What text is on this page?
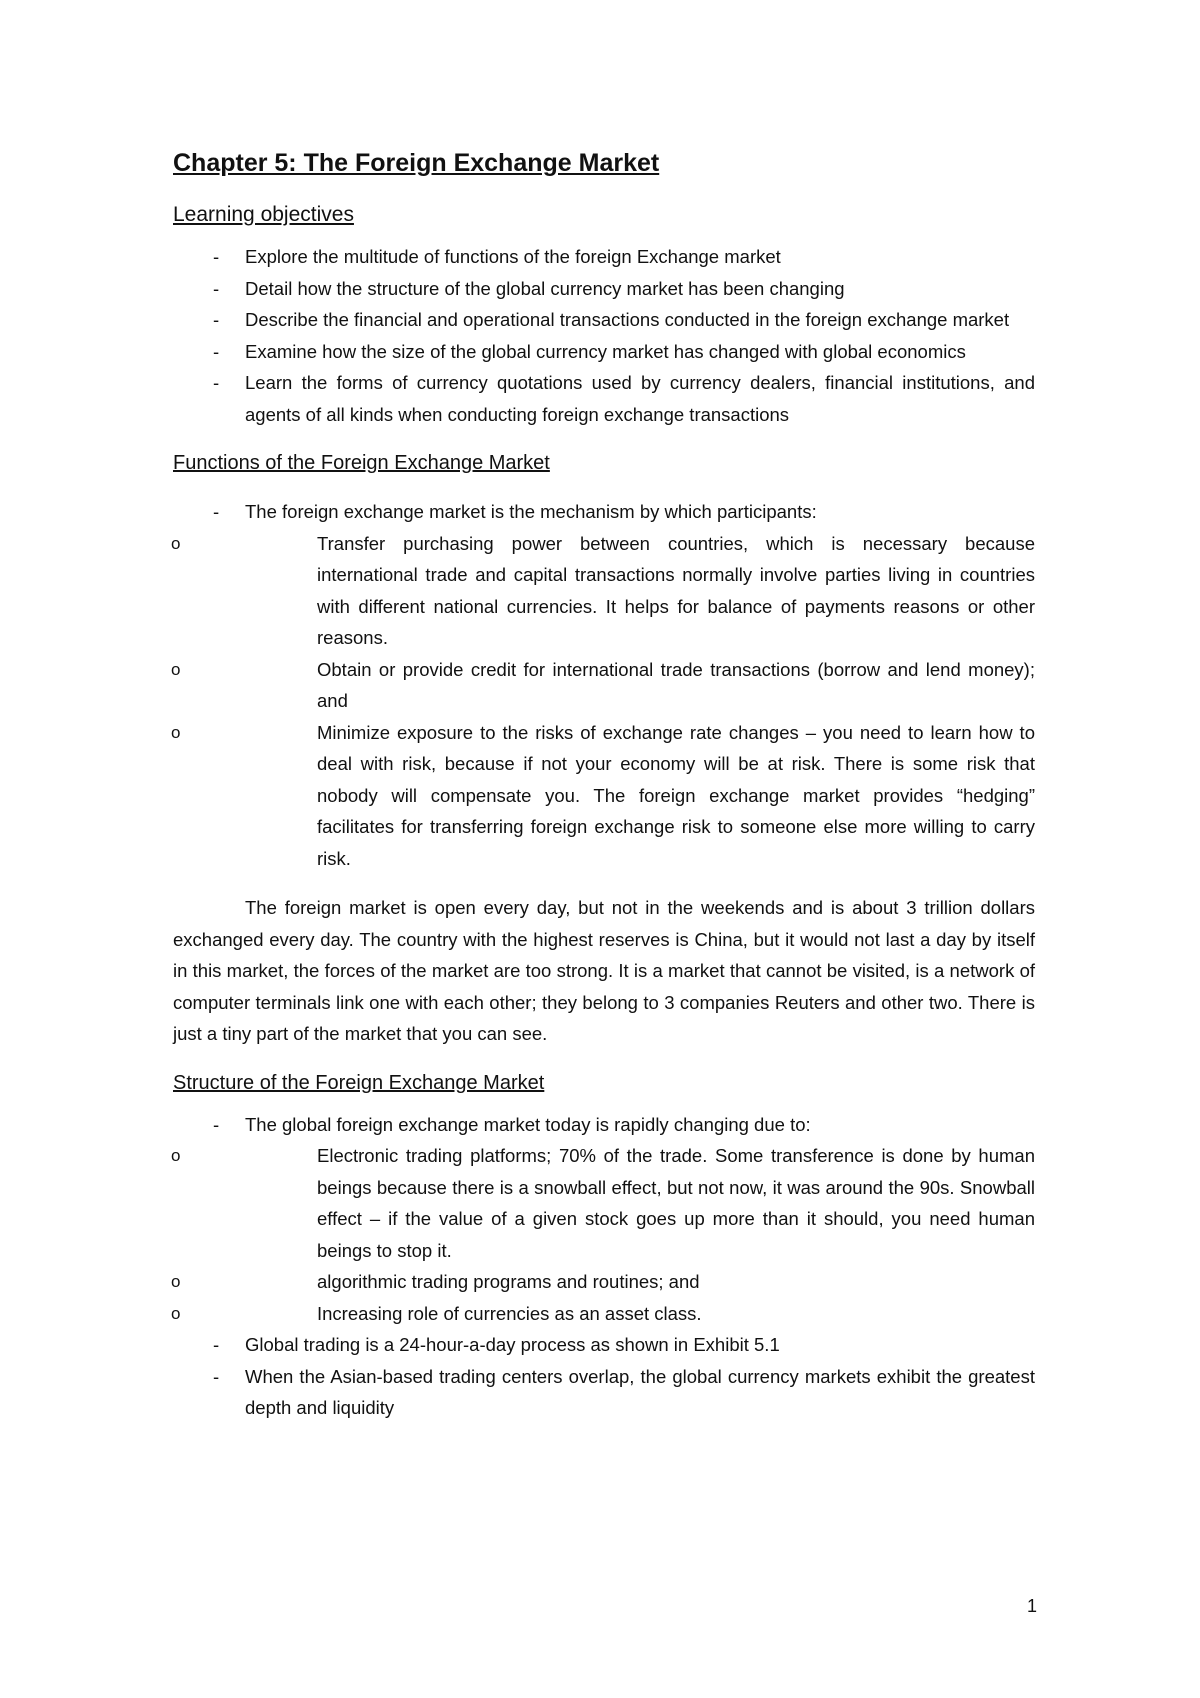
Chapter 5: The Foreign Exchange Market
Learning objectives
- Explore the multitude of functions of the foreign Exchange market
- Detail how the structure of the global currency market has been changing
- Describe the financial and operational transactions conducted in the foreign exchange market
- Examine how the size of the global currency market has changed with global economics
- Learn the forms of currency quotations used by currency dealers, financial institutions, and agents of all kinds when conducting foreign exchange transactions
Functions of the Foreign Exchange Market
- The foreign exchange market is the mechanism by which participants:
o	Transfer purchasing power between countries, which is necessary because international trade and capital transactions normally involve parties living in countries with different national currencies. It helps for balance of payments reasons or other reasons.
o	Obtain or provide credit for international trade transactions (borrow and lend money); and
o	Minimize exposure to the risks of exchange rate changes – you need to learn how to deal with risk, because if not your economy will be at risk. There is some risk that nobody will compensate you. The foreign exchange market provides “hedging” facilitates for transferring foreign exchange risk to someone else more willing to carry risk.

The foreign market is open every day, but not in the weekends and is about 3 trillion dollars exchanged every day. The country with the highest reserves is China, but it would not last a day by itself in this market, the forces of the market are too strong. It is a market that cannot be visited, is a network of computer terminals link one with each other; they belong to 3 companies Reuters and other two. There is just a tiny part of the market that you can see.

Structure of the Foreign Exchange Market
- The global foreign exchange market today is rapidly changing due to:
o	Electronic trading platforms; 70% of the trade. Some transference is done by human beings because there is a snowball effect, but not now, it was around the 90s. Snowball effect – if the value of a given stock goes up more than it should, you need human beings to stop it.
o	algorithmic trading programs and routines; and
o	Increasing role of currencies as an asset class.
- Global trading is a 24-hour-a-day process as shown in Exhibit 5.1
- When the Asian-based trading centers overlap, the global currency markets exhibit the greatest depth and liquidity
1
